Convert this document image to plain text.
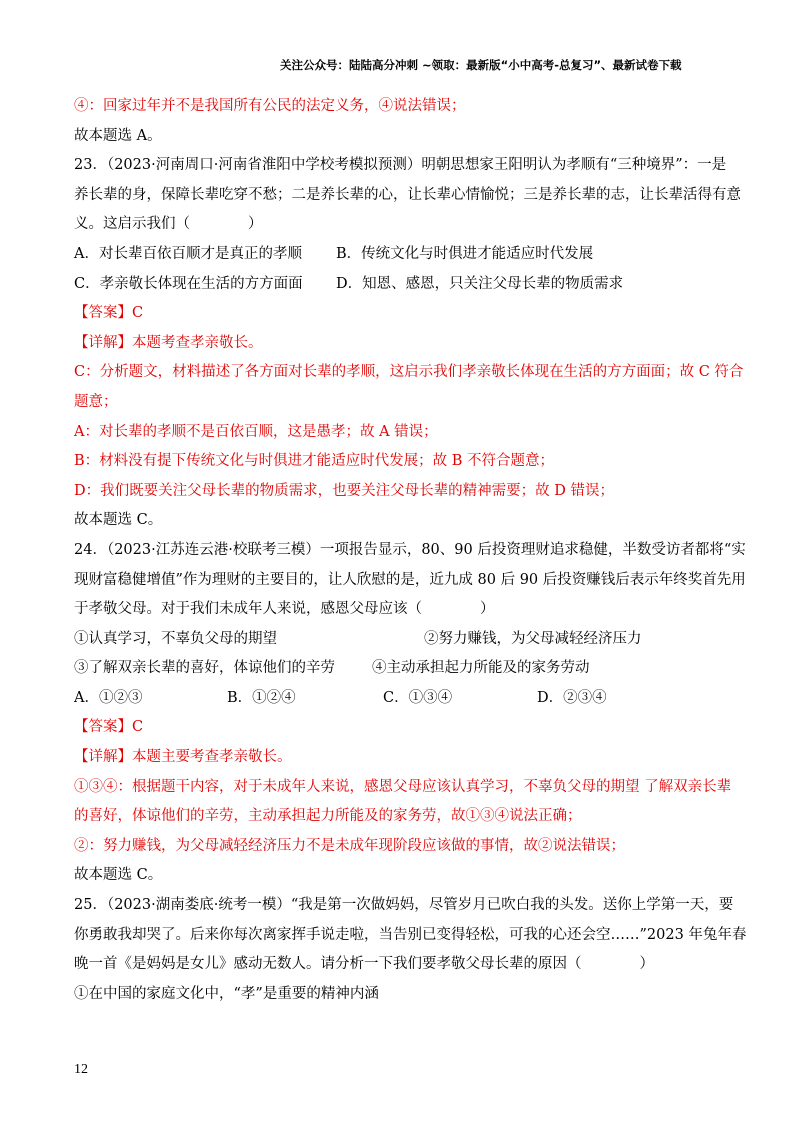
关注公众号：陆陆高分冲刺 ~领取：最新版“小中高考-总复习”、最新试卷下载
④：回家过年并不是我国所有公民的法定义务，④说法错误；
故本题选 A。
23．（2023·河南周口·河南省淮阳中学校考模拟预测）明朝思想家王阳明认为孝顺有“三种境界”：一是
养长辈的身，保障长辈吃穿不愁；二是养长辈的心，让长辈心情愉悦；三是养长辈的志，让长辈活得有意
义。这启示我们（　　　　）
A．对长辈百依百顺才是真正的孝顺	B．传统文化与时俱进才能适应时代发展
C．孝亲敬长体现在生活的方方面面	D．知恩、感恩，只关注父母长辈的物质需求
【答案】C
【详解】本题考查孝亲敬长。
C：分析题文，材料描述了各方面对长辈的孝顺，这启示我们孝亲敬长体现在生活的方方面面；故 C 符合
题意；
A：对长辈的孝顺不是百依百顺，这是愚孝；故 A 错误；
B：材料没有提下传统文化与时俱进才能适应时代发展；故 B 不符合题意；
D：我们既要关注父母长辈的物质需求，也要关注父母长辈的精神需要；故 D 错误；
故本题选 C。
24．（2023·江苏连云港·校联考三模）一项报告显示，80、90 后投资理财追求稳健，半数受访者都将“实
现财富稳健增值”作为理财的主要目的，让人欣慰的是，近九成 80 后 90 后投资赚钱后表示年终奖首先用
于孝敬父母。对于我们未成年人来说，感恩父母应该（　　　　）
①认真学习，不辜负父母的期望	②努力赚钱，为父母减轻经济压力
③了解双亲长辈的喜好，体谅他们的辛劳	④主动承担起力所能及的家务劳动
A．①②③	B．①②④	C．①③④	D．②③④
【答案】C
【详解】本题主要考查孝亲敬长。
①③④：根据题干内容，对于未成年人来说，感恩父母应该认真学习，不辜负父母的期望 了解双亲长辈
的喜好，体谅他们的辛劳，主动承担起力所能及的家务劳，故①③④说法正确；
②：努力赚钱，为父母减轻经济压力不是未成年现阶段应该做的事情，故②说法错误；
故本题选 C。
25．（2023·湖南娄底·统考一模）“我是第一次做妈妈，尽管岁月已吹白我的头发。送你上学第一天，要
你勇敢我却哭了。后来你每次离家挥手说走啦，当告别已变得轻松，可我的心还会空……”2023 年兔年春
晚一首《是妈妈是女儿》感动无数人。请分析一下我们要孝敬父母长辈的原因（　　　　）
①在中国的家庭文化中，“孝”是重要的精神内涵
12
